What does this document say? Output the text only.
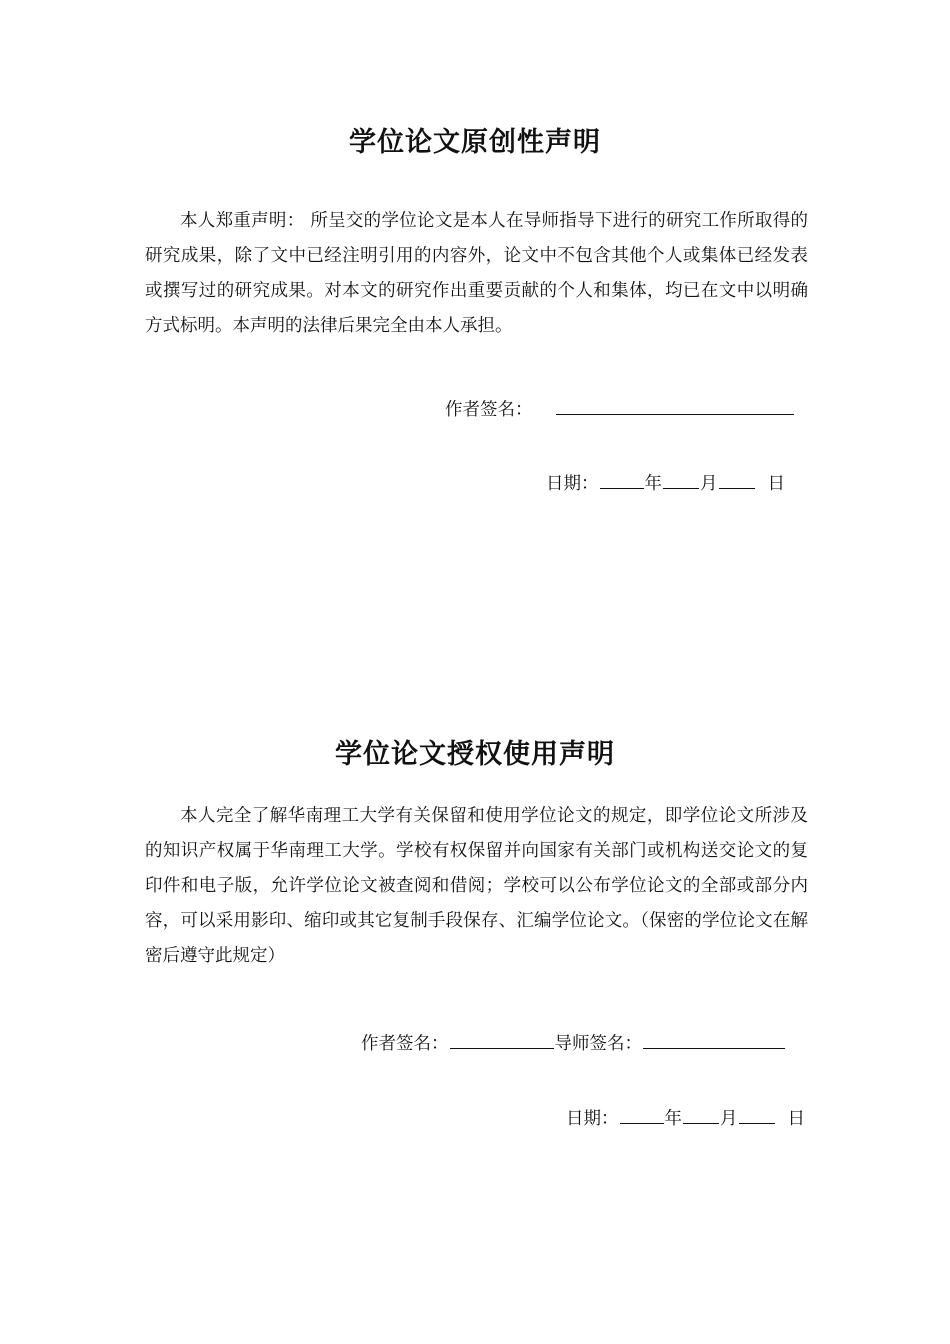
学位论文原创性声明

本人郑重声明： 所呈交的学位论文是本人在导师指导下进行的研究工作所取得的研究成果，除了文中已经注明引用的内容外，论文中不包含其他个人或集体已经发表或撰写过的研究成果。对本文的研究作出重要贡献的个人和集体，均已在文中以明确方式标明。本声明的法律后果完全由本人承担。

作者签名：
日期：	年 月	日
学位论文授权使用声明

本人完全了解华南理工大学有关保留和使用学位论文的规定，即学位论文所涉及的知识产权属于华南理工大学。学校有权保留并向国家有关部门或机构送交论文的复印件和电子版，允许学位论文被查阅和借阅；学校可以公布学位论文的全部或部分内容，可以采用影印、缩印或其它复制手段保存、汇编学位论文。（保密的学位论文在解密后遵守此规定）

作者签名：	导师签名：
日期：	年 月	日
